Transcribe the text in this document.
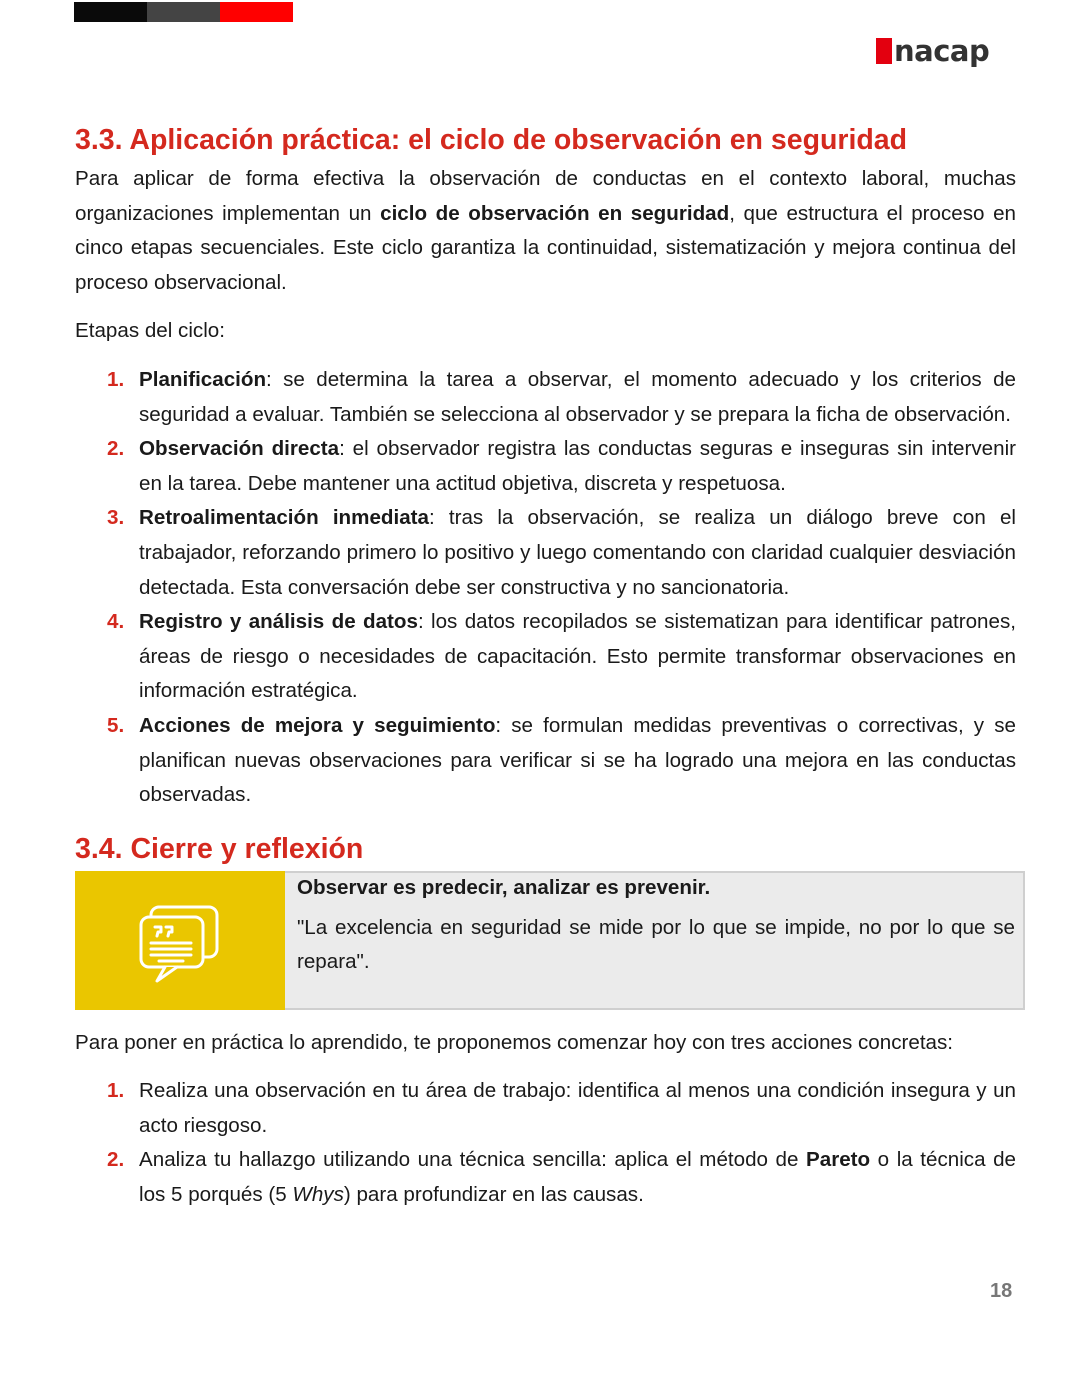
nacap
3.3. Aplicación práctica: el ciclo de observación en seguridad

Para aplicar de forma efectiva la observación de conductas en el contexto laboral, muchas organizaciones implementan un ciclo de observación en seguridad, que estructura el proceso en cinco etapas secuenciales. Este ciclo garantiza la continuidad, sistematización y mejora continua del proceso observacional.

Etapas del ciclo:

1. Planificación: se determina la tarea a observar, el momento adecuado y los criterios de seguridad a evaluar. También se selecciona al observador y se prepara la ficha de observación.
2. Observación directa: el observador registra las conductas seguras e inseguras sin intervenir en la tarea. Debe mantener una actitud objetiva, discreta y respetuosa.
3. Retroalimentación inmediata: tras la observación, se realiza un diálogo breve con el trabajador, reforzando primero lo positivo y luego comentando con claridad cualquier desviación detectada. Esta conversación debe ser constructiva y no sancionatoria.
4. Registro y análisis de datos: los datos recopilados se sistematizan para identificar patrones, áreas de riesgo o necesidades de capacitación. Esto permite transformar observaciones en información estratégica.
5. Acciones de mejora y seguimiento: se formulan medidas preventivas o correctivas, y se planifican nuevas observaciones para verificar si se ha logrado una mejora en las conductas observadas.
3.4. Cierre y reflexión
Observar es predecir, analizar es prevenir.

"La excelencia en seguridad se mide por lo que se impide, no por lo que se repara".

Para poner en práctica lo aprendido, te proponemos comenzar hoy con tres acciones concretas:

1. Realiza una observación en tu área de trabajo: identifica al menos una condición insegura y un acto riesgoso.
2. Analiza tu hallazgo utilizando una técnica sencilla: aplica el método de Pareto o la técnica de los 5 porqués (5 Whys) para profundizar en las causas.
18
